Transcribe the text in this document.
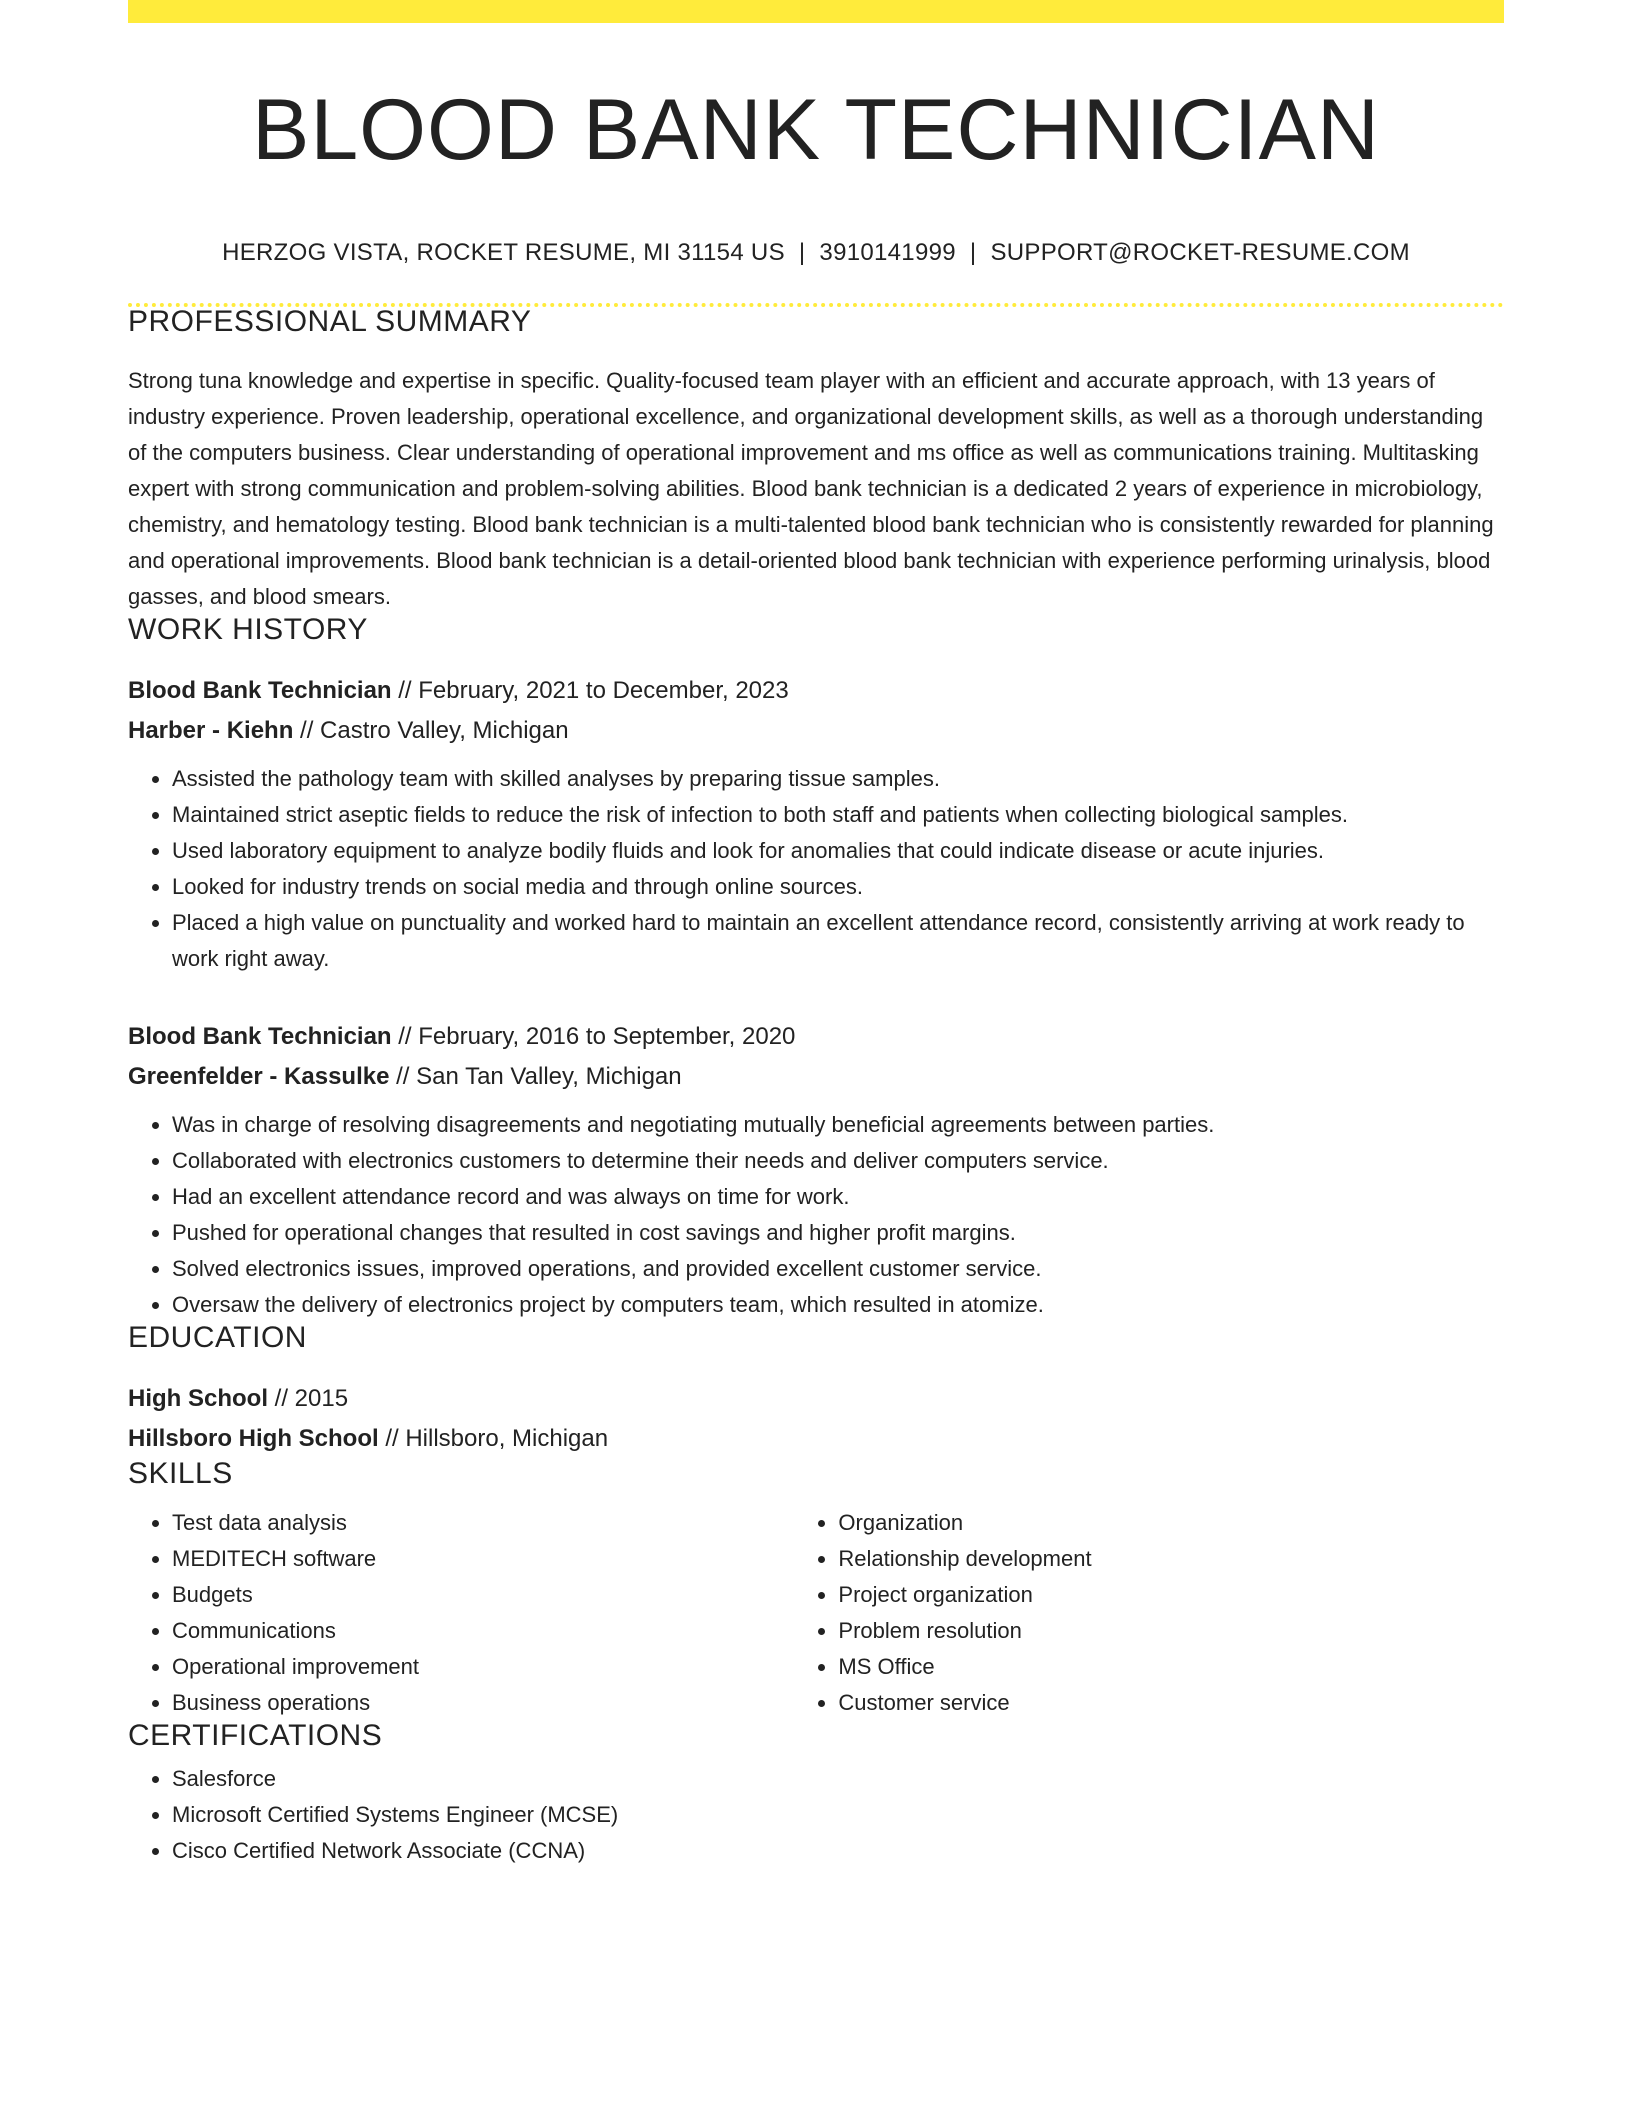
BLOOD BANK TECHNICIAN
HERZOG VISTA, ROCKET RESUME, MI 31154 US | 3910141999 | SUPPORT@ROCKET-RESUME.COM
PROFESSIONAL SUMMARY

Strong tuna knowledge and expertise in specific. Quality-focused team player with an efficient and accurate approach, with 13 years of industry experience. Proven leadership, operational excellence, and organizational development skills, as well as a thorough understanding of the computers business. Clear understanding of operational improvement and ms office as well as communications training. Multitasking expert with strong communication and problem-solving abilities. Blood bank technician is a dedicated 2 years of experience in microbiology, chemistry, and hematology testing. Blood bank technician is a multi-talented blood bank technician who is consistently rewarded for planning and operational improvements. Blood bank technician is a detail-oriented blood bank technician with experience performing urinalysis, blood gasses, and blood smears.

WORK HISTORY
Blood Bank Technician // February, 2021 to December, 2023
Harber - Kiehn // Castro Valley, Michigan
• Assisted the pathology team with skilled analyses by preparing tissue samples.
• Maintained strict aseptic fields to reduce the risk of infection to both staff and patients when collecting biological samples.
• Used laboratory equipment to analyze bodily fluids and look for anomalies that could indicate disease or acute injuries.
• Looked for industry trends on social media and through online sources.
• Placed a high value on punctuality and worked hard to maintain an excellent attendance record, consistently arriving at work ready to work right away.
Blood Bank Technician // February, 2016 to September, 2020
Greenfelder - Kassulke // San Tan Valley, Michigan
• Was in charge of resolving disagreements and negotiating mutually beneficial agreements between parties.
• Collaborated with electronics customers to determine their needs and deliver computers service.
• Had an excellent attendance record and was always on time for work.
• Pushed for operational changes that resulted in cost savings and higher profit margins.
• Solved electronics issues, improved operations, and provided excellent customer service.
• Oversaw the delivery of electronics project by computers team, which resulted in atomize.
EDUCATION
High School // 2015
Hillsboro High School // Hillsboro, Michigan
SKILLS
• Test data analysis
• MEDITECH software
• Budgets
• Communications
• Operational improvement
• Business operations
• Organization
• Relationship development
• Project organization
• Problem resolution
• MS Office
• Customer service
CERTIFICATIONS
• Salesforce
• Microsoft Certified Systems Engineer (MCSE)
• Cisco Certified Network Associate (CCNA)
